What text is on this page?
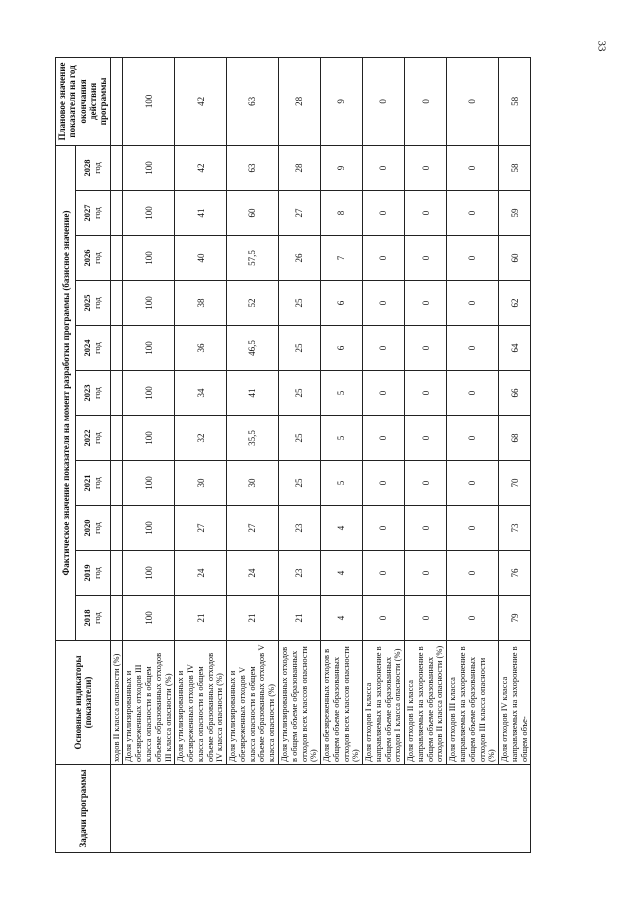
33
Задачи программы	Основные индикаторы (показатели)	Фактическое значение показателя на момент разработки программы (базисное значение)											Плановое значение показателя на год окончания действия программы

		2018 год	2019 год	2020 год	2021 год	2022 год	2023 год	2024 год	2025 год	2026 год	2027 год	2028 год	

	ходов II класса опасности (%)												
	Доля утилизированных и обезвреженных отходов III класса опасности в общем объеме образованных отходов III класса опасности (%)	100	100	100	100	100	100	100	100	100	100	100	100
	Доля утилизированных и обезвреженных отходов IV класса опасности в общем объеме образованных отходов IV класса опасности (%)	21	24	27	30	32	34	36	38	40	41	42	42
	Доля утилизированных и обезвреженных отходов V класса опасности в общем объеме образованных отходов V класса опасности (%)	21	24	27	30	35,5	41	46,5	52	57,5	60	63	63
	Доля утилизированных отходов в общем объеме образованных отходов всех классов опасности (%)	21	23	23	25	25	25	25	25	26	27	28	28
	Доля обезвреженных отходов в общем объеме образованных отходов всех классов опасности (%)	4	4	4	5	5	5	6	6	7	8	9	9
	Доля отходов I класса направляемых на захоронение в общем объеме образованных отходов I класса опасности (%)	0	0	0	0	0	0	0	0	0	0	0	0
	Доля отходов II класса направляемых на захоронение в общем объеме образованных отходов II класса опасности (%)	0	0	0	0	0	0	0	0	0	0	0	0
	Доля отходов III класса направляемых на захоронение в общем объеме образованных отходов III класса опасности (%)	0	0	0	0	0	0	0	0	0	0	0	0
	Доля отходов IV класса направляемых на захоронение в общем объе-	79	76	73	70	68	66	64	62	60	59	58	58
